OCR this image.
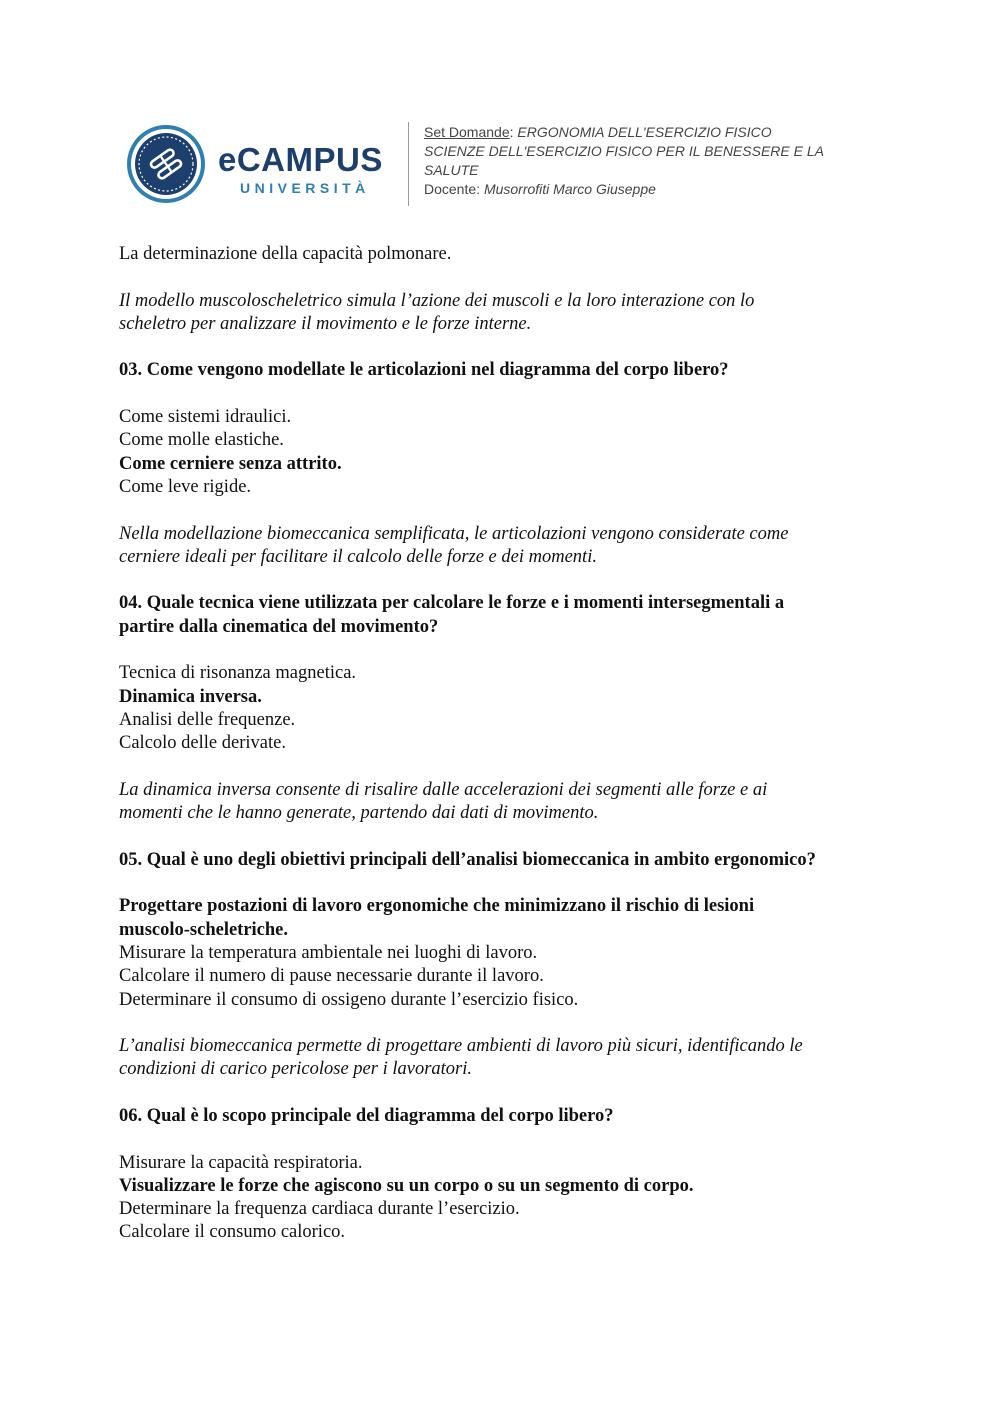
eCAMPUS
UNIVERSITÀ
Set Domande: ERGONOMIA DELL'ESERCIZIO FISICO
SCIENZE DELL'ESERCIZIO FISICO PER IL BENESSERE E LA
SALUTE
Docente: Musorrofiti Marco Giuseppe

La determinazione della capacità polmonare.

Il modello muscoloscheletrico simula l’azione dei muscoli e la loro interazione con lo

scheletro per analizzare il movimento e le forze interne.

03. Come vengono modellate le articolazioni nel diagramma del corpo libero?

Come sistemi idraulici.

Come molle elastiche.

Come cerniere senza attrito.

Come leve rigide.

Nella modellazione biomeccanica semplificata, le articolazioni vengono considerate come

cerniere ideali per facilitare il calcolo delle forze e dei momenti.

04. Quale tecnica viene utilizzata per calcolare le forze e i momenti intersegmentali a

partire dalla cinematica del movimento?

Tecnica di risonanza magnetica.

Dinamica inversa.

Analisi delle frequenze.

Calcolo delle derivate.

La dinamica inversa consente di risalire dalle accelerazioni dei segmenti alle forze e ai

momenti che le hanno generate, partendo dai dati di movimento.

05. Qual è uno degli obiettivi principali dell’analisi biomeccanica in ambito ergonomico?

Progettare postazioni di lavoro ergonomiche che minimizzano il rischio di lesioni

muscolo-scheletriche.

Misurare la temperatura ambientale nei luoghi di lavoro.

Calcolare il numero di pause necessarie durante il lavoro.

Determinare il consumo di ossigeno durante l’esercizio fisico.

L’analisi biomeccanica permette di progettare ambienti di lavoro più sicuri, identificando le

condizioni di carico pericolose per i lavoratori.

06. Qual è lo scopo principale del diagramma del corpo libero?

Misurare la capacità respiratoria.

Visualizzare le forze che agiscono su un corpo o su un segmento di corpo.

Determinare la frequenza cardiaca durante l’esercizio.

Calcolare il consumo calorico.
